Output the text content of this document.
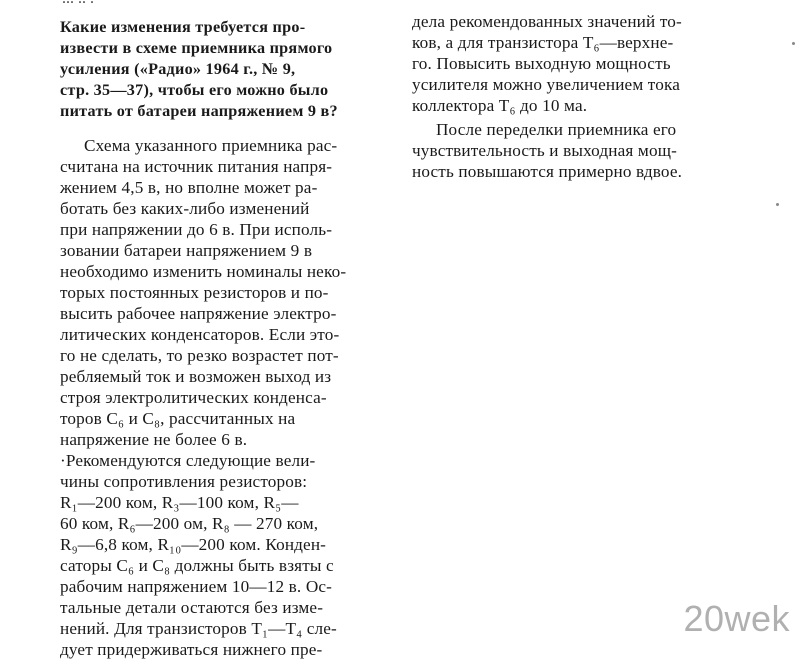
Какие изменения требуется про-
извести в схеме приемника прямого
усиления («Радио» 1964 г., № 9,
стр. 35—37), чтобы его можно было
питать от батареи напряжением 9 в?
Схема указанного приемника рас-
считана на источник питания напря-
жением 4,5 в, но вполне может ра-
ботать без каких-либо изменений
при напряжении до 6 в. При исполь-
зовании батареи напряжением 9 в
необходимо изменить номиналы неко-
торых постоянных резисторов и по-
высить рабочее напряжение электро-
литических конденсаторов. Если это-
го не сделать, то резко возрастет пот-
ребляемый ток и возможен выход из
строя электролитических конденса-
торов C₆ и C₈, рассчитанных на
напряжение не более 6 в.
·Рекомендуются следующие вели-
чины сопротивления резисторов:
R₁—200 ком, R₃—100 ком, R₅—
60 ком, R₆—200 ом, R₈ — 270 ком,
R₉—6,8 ком, R₁₀—200 ком. Конден-
саторы C₆ и C₈ должны быть взяты с
рабочим напряжением 10—12 в. Ос-
тальные детали остаются без изме-
нений. Для транзисторов T₁—T₄ сле-
дует придерживаться нижнего пре-
дела рекомендованных значений то-
ков, а для транзистора T₆—верхне-
го. Повысить выходную мощность
усилителя можно увеличением тока
коллектора T₆ до 10 ма.
После переделки приемника его
чувствительность и выходная мощ-
ность повышаются примерно вдвое.
20wek
